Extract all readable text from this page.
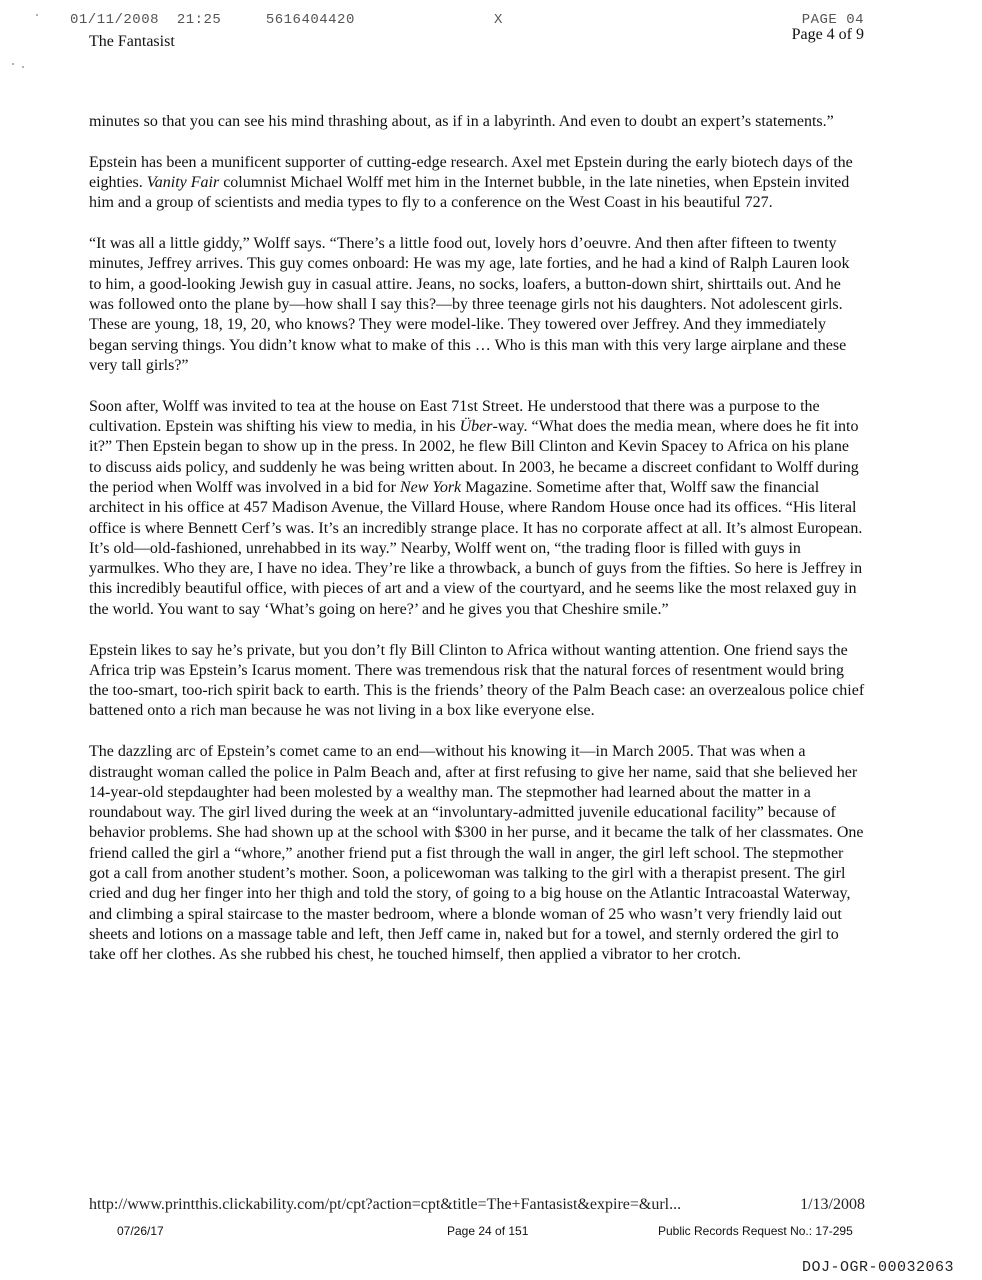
01/11/2008  21:25	5616404420	X	PAGE 04
The Fantasist	Page 4 of 9

minutes so that you can see his mind thrashing about, as if in a labyrinth. And even to doubt an expert’s statements.”

Epstein has been a munificent supporter of cutting-edge research. Axel met Epstein during the early biotech days of the eighties. Vanity Fair columnist Michael Wolff met him in the Internet bubble, in the late nineties, when Epstein invited him and a group of scientists and media types to fly to a conference on the West Coast in his beautiful 727.

“It was all a little giddy,” Wolff says. “There’s a little food out, lovely hors d’oeuvre. And then after fifteen to twenty minutes, Jeffrey arrives. This guy comes onboard: He was my age, late forties, and he had a kind of Ralph Lauren look to him, a good-looking Jewish guy in casual attire. Jeans, no socks, loafers, a button-down shirt, shirttails out. And he was followed onto the plane by—how shall I say this?—by three teenage girls not his daughters. Not adolescent girls. These are young, 18, 19, 20, who knows? They were model-like. They towered over Jeffrey. And they immediately began serving things. You didn’t know what to make of this … Who is this man with this very large airplane and these very tall girls?”

Soon after, Wolff was invited to tea at the house on East 71st Street. He understood that there was a purpose to the cultivation. Epstein was shifting his view to media, in his Über-way. “What does the media mean, where does he fit into it?” Then Epstein began to show up in the press. In 2002, he flew Bill Clinton and Kevin Spacey to Africa on his plane to discuss aids policy, and suddenly he was being written about. In 2003, he became a discreet confidant to Wolff during the period when Wolff was involved in a bid for New York Magazine. Sometime after that, Wolff saw the financial architect in his office at 457 Madison Avenue, the Villard House, where Random House once had its offices. “His literal office is where Bennett Cerf’s was. It’s an incredibly strange place. It has no corporate affect at all. It’s almost European. It’s old—old-fashioned, unrehabbed in its way.” Nearby, Wolff went on, “the trading floor is filled with guys in yarmulkes. Who they are, I have no idea. They’re like a throwback, a bunch of guys from the fifties. So here is Jeffrey in this incredibly beautiful office, with pieces of art and a view of the courtyard, and he seems like the most relaxed guy in the world. You want to say ‘What’s going on here?’ and he gives you that Cheshire smile.”

Epstein likes to say he’s private, but you don’t fly Bill Clinton to Africa without wanting attention. One friend says the Africa trip was Epstein’s Icarus moment. There was tremendous risk that the natural forces of resentment would bring the too-smart, too-rich spirit back to earth. This is the friends’ theory of the Palm Beach case: an overzealous police chief battened onto a rich man because he was not living in a box like everyone else.

The dazzling arc of Epstein’s comet came to an end—without his knowing it—in March 2005. That was when a distraught woman called the police in Palm Beach and, after at first refusing to give her name, said that she believed her 14-year-old stepdaughter had been molested by a wealthy man. The stepmother had learned about the matter in a roundabout way. The girl lived during the week at an “involuntary-admitted juvenile educational facility” because of behavior problems. She had shown up at the school with $300 in her purse, and it became the talk of her classmates. One friend called the girl a “whore,” another friend put a fist through the wall in anger, the girl left school. The stepmother got a call from another student’s mother. Soon, a policewoman was talking to the girl with a therapist present. The girl cried and dug her finger into her thigh and told the story, of going to a big house on the Atlantic Intracoastal Waterway, and climbing a spiral staircase to the master bedroom, where a blonde woman of 25 who wasn’t very friendly laid out sheets and lotions on a massage table and left, then Jeff came in, naked but for a towel, and sternly ordered the girl to take off her clothes. As she rubbed his chest, he touched himself, then applied a vibrator to her crotch.

http://www.printthis.clickability.com/pt/cpt?action=cpt&title=The+Fantasist&expire=&url...	1/13/2008
07/26/17	Page 24 of 151	Public Records Request No.: 17-295
DOJ-OGR-00032063
